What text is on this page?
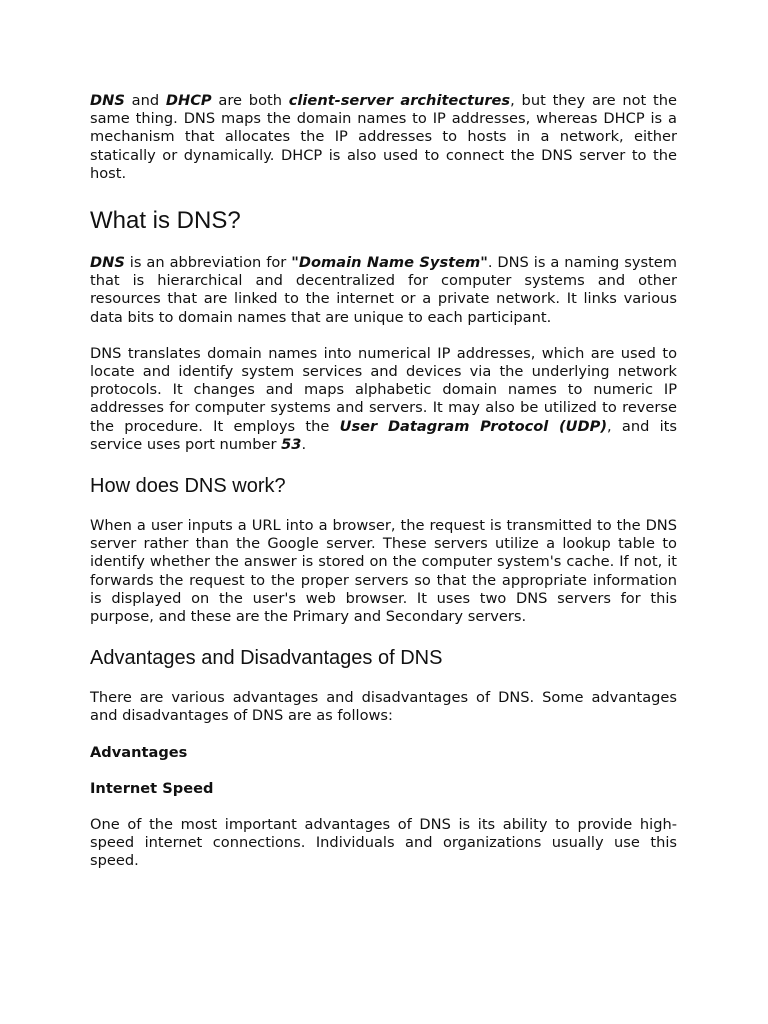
DNS and DHCP are both client-server architectures, but they are not the same thing. DNS maps the domain names to IP addresses, whereas DHCP is a mechanism that allocates the IP addresses to hosts in a network, either statically or dynamically. DHCP is also used to connect the DNS server to the host.

What is DNS?

DNS is an abbreviation for "Domain Name System". DNS is a naming system that is hierarchical and decentralized for computer systems and other resources that are linked to the internet or a private network. It links various data bits to domain names that are unique to each participant.

DNS translates domain names into numerical IP addresses, which are used to locate and identify system services and devices via the underlying network protocols. It changes and maps alphabetic domain names to numeric IP addresses for computer systems and servers. It may also be utilized to reverse the procedure. It employs the User Datagram Protocol (UDP), and its service uses port number 53.

How does DNS work?

When a user inputs a URL into a browser, the request is transmitted to the DNS server rather than the Google server. These servers utilize a lookup table to identify whether the answer is stored on the computer system's cache. If not, it forwards the request to the proper servers so that the appropriate information is displayed on the user's web browser. It uses two DNS servers for this purpose, and these are the Primary and Secondary servers.

Advantages and Disadvantages of DNS

There are various advantages and disadvantages of DNS. Some advantages and disadvantages of DNS are as follows:

Advantages
Internet Speed

One of the most important advantages of DNS is its ability to provide high-speed internet connections. Individuals and organizations usually use this speed.
